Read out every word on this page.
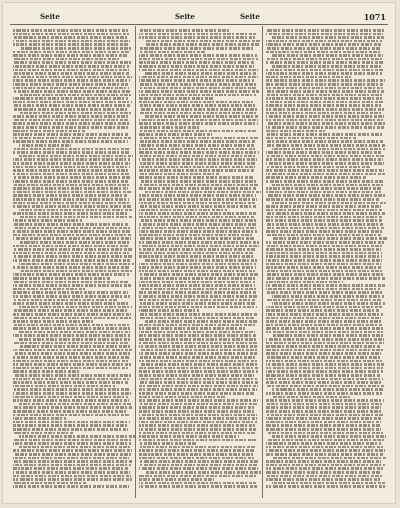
Seite	Seite	Seite	1071
